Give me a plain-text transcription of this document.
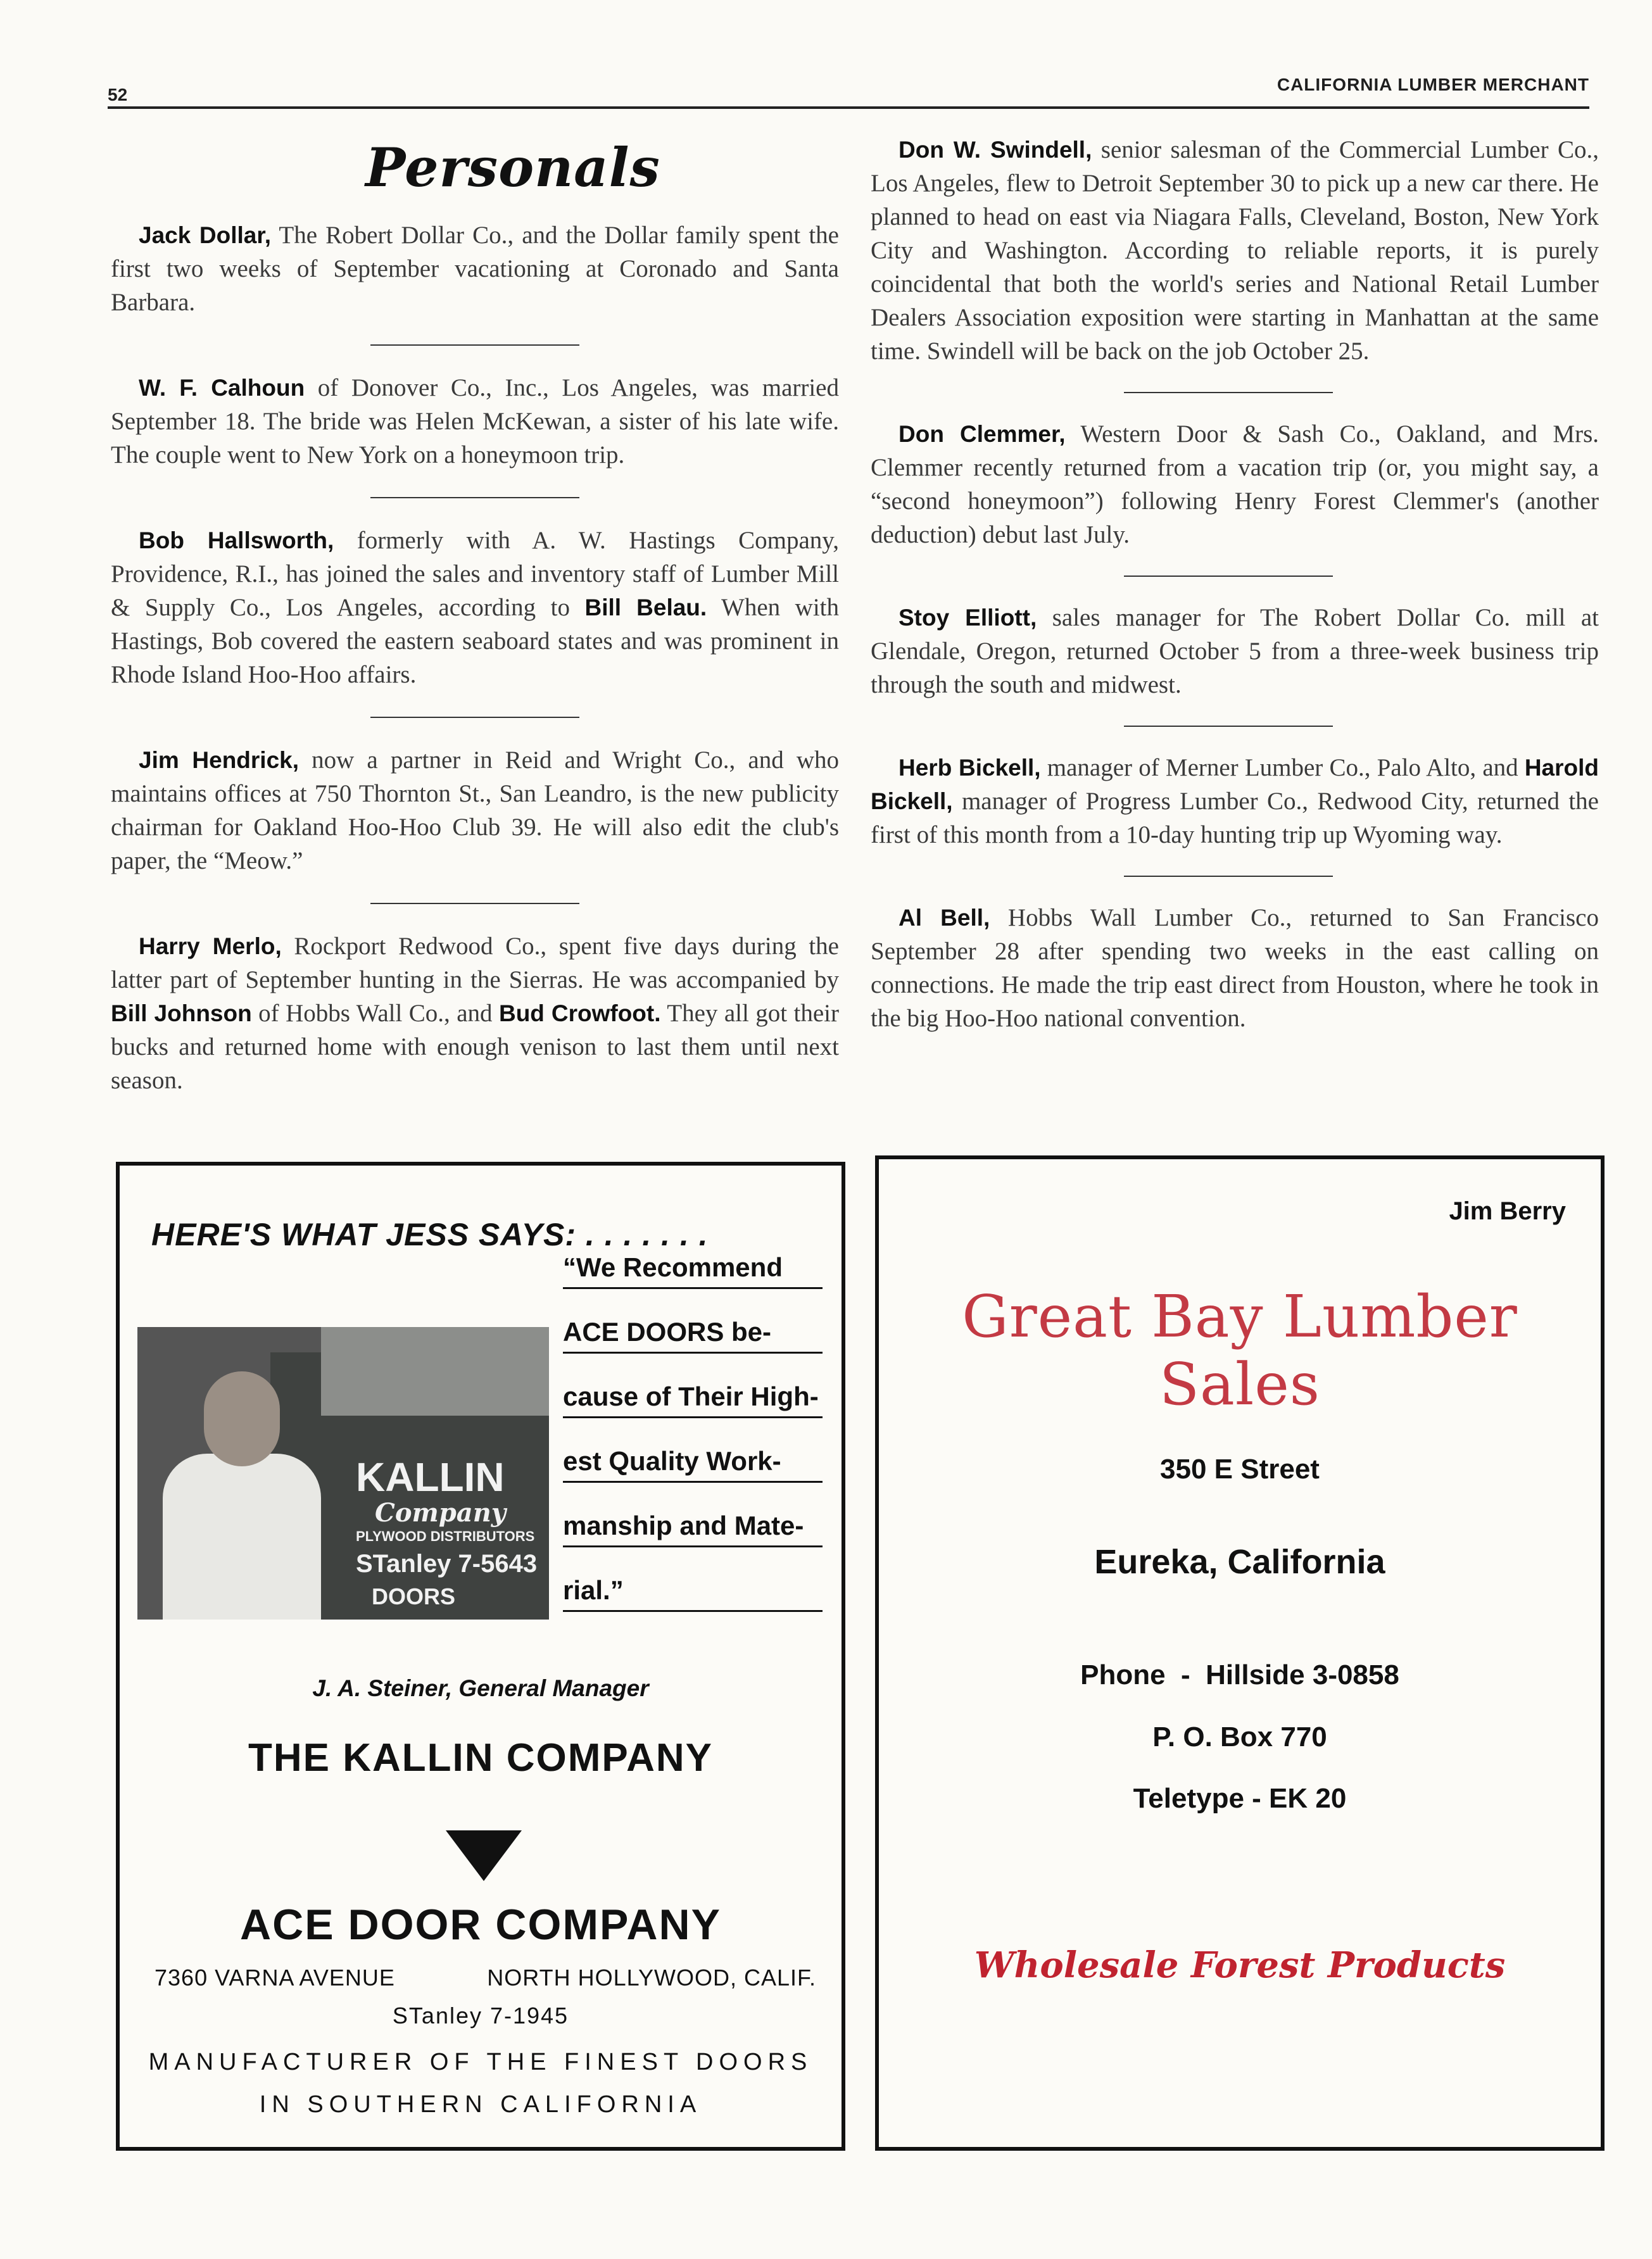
52
CALIFORNIA LUMBER MERCHANT
Personals

Jack Dollar, The Robert Dollar Co., and the Dollar family spent the first two weeks of September vacationing at Coronado and Santa Barbara.

W. F. Calhoun of Donover Co., Inc., Los Angeles, was married September 18. The bride was Helen McKewan, a sister of his late wife. The couple went to New York on a honeymoon trip.

Bob Hallsworth, formerly with A. W. Hastings Company, Providence, R.I., has joined the sales and inventory staff of Lumber Mill & Supply Co., Los Angeles, according to Bill Belau. When with Hastings, Bob covered the eastern seaboard states and was prominent in Rhode Island Hoo-Hoo affairs.

Jim Hendrick, now a partner in Reid and Wright Co., and who maintains offices at 750 Thornton St., San Leandro, is the new publicity chairman for Oakland Hoo-Hoo Club 39. He will also edit the club's paper, the “Meow.”

Harry Merlo, Rockport Redwood Co., spent five days during the latter part of September hunting in the Sierras. He was accompanied by Bill Johnson of Hobbs Wall Co., and Bud Crowfoot. They all got their bucks and returned home with enough venison to last them until next season.

Don W. Swindell, senior salesman of the Commercial Lumber Co., Los Angeles, flew to Detroit September 30 to pick up a new car there. He planned to head on east via Niagara Falls, Cleveland, Boston, New York City and Washington. According to reliable reports, it is purely coincidental that both the world's series and National Retail Lumber Dealers Association exposition were starting in Manhattan at the same time. Swindell will be back on the job October 25.

Don Clemmer, Western Door & Sash Co., Oakland, and Mrs. Clemmer recently returned from a vacation trip (or, you might say, a “second honeymoon”) following Henry Forest Clemmer's (another deduction) debut last July.

Stoy Elliott, sales manager for The Robert Dollar Co. mill at Glendale, Oregon, returned October 5 from a three-week business trip through the south and midwest.

Herb Bickell, manager of Merner Lumber Co., Palo Alto, and Harold Bickell, manager of Progress Lumber Co., Redwood City, returned the first of this month from a 10-day hunting trip up Wyoming way.

Al Bell, Hobbs Wall Lumber Co., returned to San Francisco September 28 after spending two weeks in the east calling on connections. He made the trip east direct from Houston, where he took in the big Hoo-Hoo national convention.

HERE'S WHAT JESS SAYS: . . . . . . .
KALLIN
Company
PLYWOOD DISTRIBUTORS
STanley 7-5643
DOORS
“We Recommend
ACE DOORS be-
cause of Their High-
est Quality Work-
manship and Mate-
rial.”
J. A. Steiner, General Manager
THE KALLIN COMPANY
ACE DOOR COMPANY
7360 VARNA AVENUE	NORTH HOLLYWOOD, CALIF.
STanley 7-1945
MANUFACTURER OF THE FINEST DOORS
IN SOUTHERN CALIFORNIA
Jim Berry
Great Bay Lumber Sales
350 E Street
Eureka, California
Phone  -  Hillside 3-0858
P. O. Box 770
Teletype - EK 20
Wholesale Forest Products
